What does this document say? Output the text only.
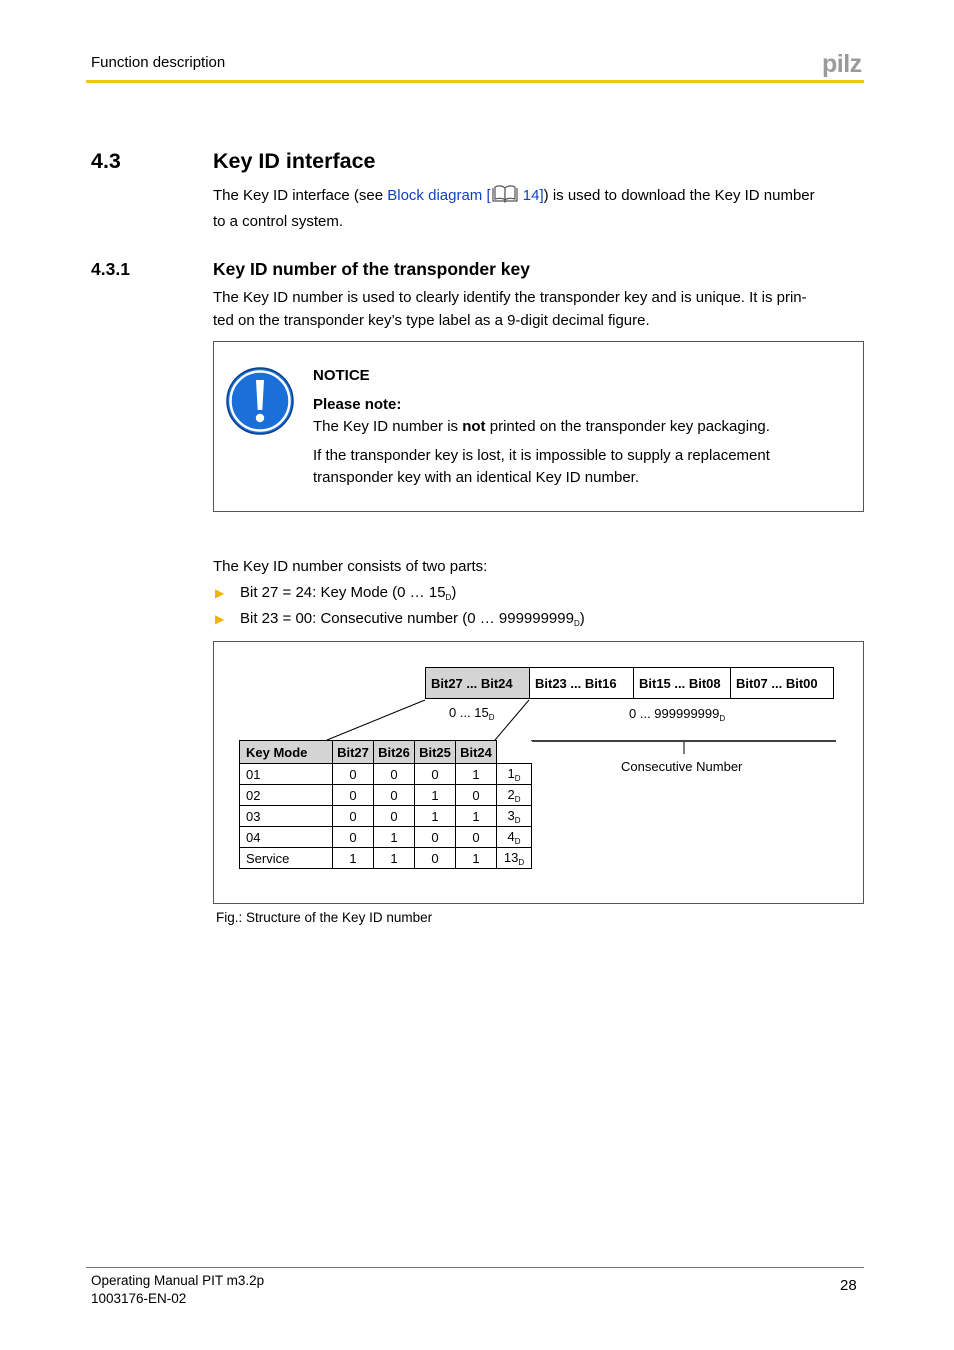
Function description	pilz
4.3	Key ID interface
The Key ID interface (see Block diagram [ 14]) is used to download the Key ID number
to a control system.
4.3.1	Key ID number of the transponder key
The Key ID number is used to clearly identify the transponder key and is unique. It is prin-
ted on the transponder key’s type label as a 9-digit decimal figure.
NOTICE
Please note:
The Key ID number is not printed on the transponder key packaging.
If the transponder key is lost, it is impossible to supply a replacement
transponder key with an identical Key ID number.
The Key ID number consists of two parts:
▶ Bit 27 = 24: Key Mode (0 … $15_D$)
▶ Bit 23 = 00: Consecutive number (0 … $999999999_D$)
Bit27 ... Bit24	Bit23 ... Bit16	Bit15 ... Bit08	Bit07 ... Bit00
0 ... $15_D$	0 ... $999999999_D$
Consecutive Number
Key Mode	Bit27	Bit26	Bit25	Bit24	
01	0	0	0	1	$1_D$
02	0	0	1	0	$2_D$
03	0	0	1	1	$3_D$
04	0	1	0	0	$4_D$
Service	1	1	0	1	$13_D$
Fig.: Structure of the Key ID number
Operating Manual PIT m3.2p
1003176-EN-02
28
